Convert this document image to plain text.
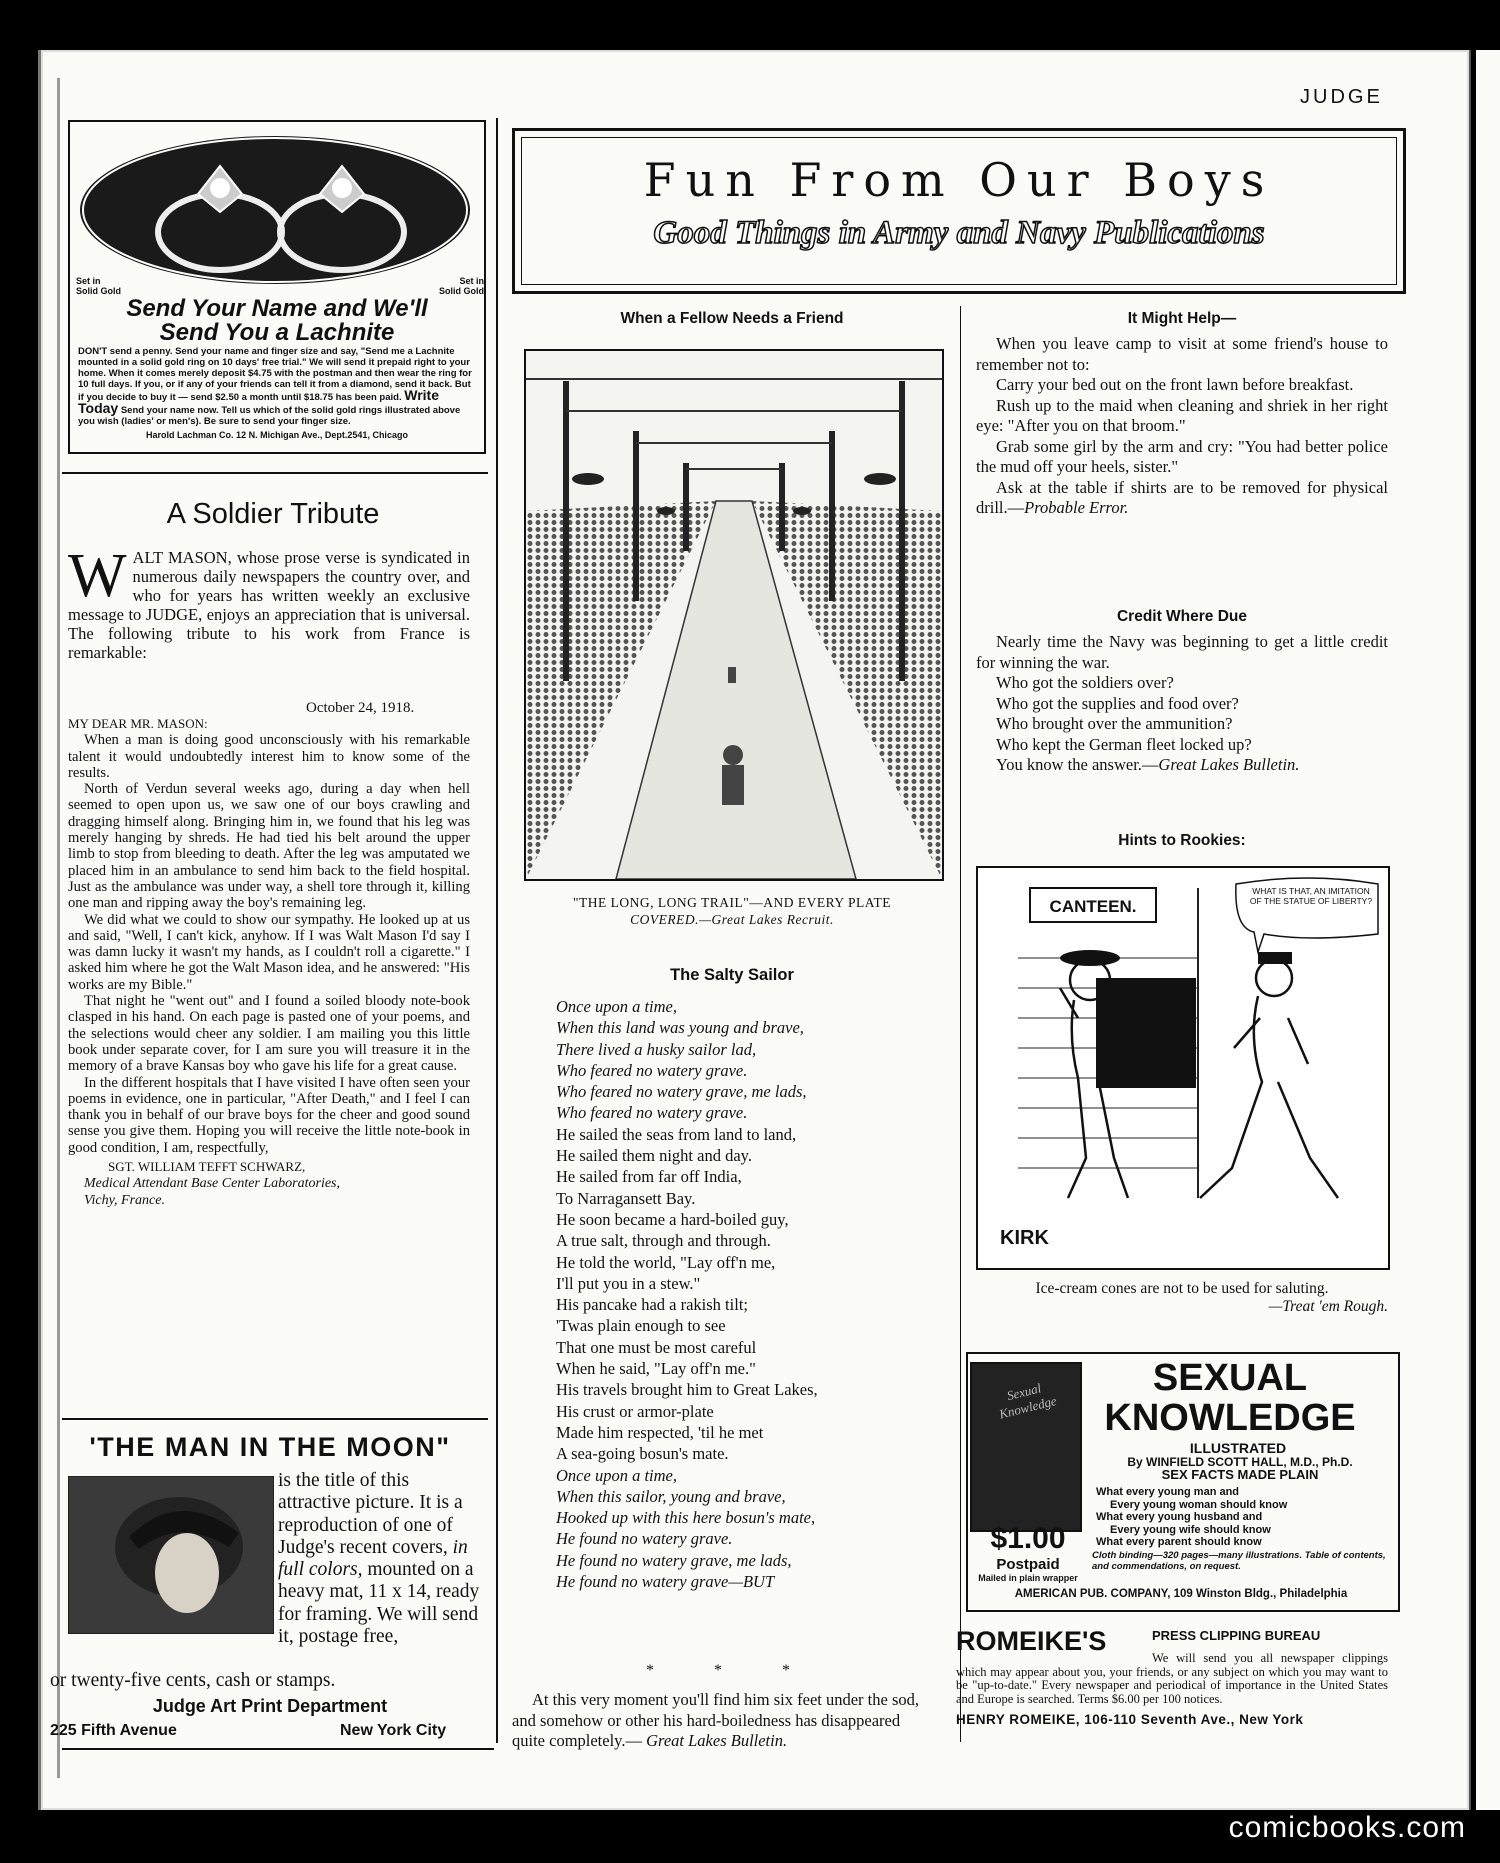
JUDGE
Set in Solid Gold
Set in Solid Gold
Send Your Name and We'll
Send You a Lachnite
DON'T send a penny. Send your name and finger size and say, "Send me a Lachnite mounted in a solid gold ring on 10 days' free trial." We will send it prepaid right to your home. When it comes merely deposit $4.75 with the postman and then wear the ring for 10 full days. If you, or if any of your friends can tell it from a diamond, send it back. But if you decide to buy it — send $2.50 a month until $18.75 has been paid. Write Today Send your name now. Tell us which of the solid gold rings illustrated above you wish (ladies' or men's). Be sure to send your finger size.
Harold Lachman Co. 12 N. Michigan Ave., Dept.2541, Chicago
A Soldier Tribute
W ALT MASON, whose prose verse is syndicated in numerous daily newspapers the country over, and who for years has written weekly an exclusive message to JUDGE, enjoys an appreciation that is universal. The following tribute to his work from France is remarkable:
October 24, 1918.

MY DEAR MR. MASON:

When a man is doing good unconsciously with his remarkable talent it would undoubtedly interest him to know some of the results.

North of Verdun several weeks ago, during a day when hell seemed to open upon us, we saw one of our boys crawling and dragging himself along. Bringing him in, we found that his leg was merely hanging by shreds. He had tied his belt around the upper limb to stop from bleeding to death. After the leg was amputated we placed him in an ambulance to send him back to the field hospital. Just as the ambulance was under way, a shell tore through it, killing one man and ripping away the boy's remaining leg.

We did what we could to show our sympathy. He looked up at us and said, "Well, I can't kick, anyhow. If I was Walt Mason I'd say I was damn lucky it wasn't my hands, as I couldn't roll a cigarette." I asked him where he got the Walt Mason idea, and he answered: "His works are my Bible."

That night he "went out" and I found a soiled bloody note-book clasped in his hand. On each page is pasted one of your poems, and the selections would cheer any soldier. I am mailing you this little book under separate cover, for I am sure you will treasure it in the memory of a brave Kansas boy who gave his life for a great cause.

In the different hospitals that I have visited I have often seen your poems in evidence, one in particular, "After Death," and I feel I can thank you in behalf of our brave boys for the cheer and good sound sense you give them. Hoping you will receive the little note-book in good condition, I am, respectfully,

SGT. WILLIAM TEFFT SCHWARZ,

Medical Attendant Base Center Laboratories,

Vichy, France.

'THE MAN IN THE MOON"
is the title of this attractive picture. It is a reproduction of one of Judge's recent covers, in full colors, mounted on a heavy mat, 11 x 14, ready for framing. We will send it, postage free,
or twenty-five cents, cash or stamps.
Judge Art Print Department
225 Fifth Avenue	New York City
Fun From Our Boys
Good Things in Army and Navy Publications
When a Fellow Needs a Friend
"THE LONG, LONG TRAIL"—AND EVERY PLATE
COVERED.—Great Lakes Recruit.
The Salty Sailor
Once upon a time,
When this land was young and brave,
There lived a husky sailor lad,
Who feared no watery grave.
Who feared no watery grave, me lads,
Who feared no watery grave.
He sailed the seas from land to land,
He sailed them night and day.
He sailed from far off India,
To Narragansett Bay.
He soon became a hard-boiled guy,
A true salt, through and through.
He told the world, "Lay off'n me,
I'll put you in a stew."
His pancake had a rakish tilt;
'Twas plain enough to see
That one must be most careful
When he said, "Lay off'n me."
His travels brought him to Great Lakes,
His crust or armor-plate
Made him respected, 'til he met
A sea-going bosun's mate.
Once upon a time,
When this sailor, young and brave,
Hooked up with this here bosun's mate,
He found no watery grave.
He found no watery grave, me lads,
He found no watery grave—BUT
* * *
At this very moment you'll find him six feet under the sod, and somehow or other his hard-boiledness has disappeared quite completely.— Great Lakes Bulletin.
It Might Help—

When you leave camp to visit at some friend's house to remember not to:

Carry your bed out on the front lawn before breakfast.

Rush up to the maid when cleaning and shriek in her right eye: "After you on that broom."

Grab some girl by the arm and cry: "You had better police the mud off your heels, sister."

Ask at the table if shirts are to be removed for physical drill.—Probable Error.

Credit Where Due

Nearly time the Navy was beginning to get a little credit for winning the war.

Who got the soldiers over?

Who got the supplies and food over?

Who brought over the ammunition?

Who kept the German fleet locked up?

You know the answer.—Great Lakes Bulletin.

Hints to Rookies:
CANTEEN.
KIRK
WHAT IS THAT, AN IMITATION OF THE STATUE OF LIBERTY?
Ice-cream cones are not to be used for saluting.
—Treat 'em Rough.
Sexual Knowledge
SEXUAL
KNOWLEDGE
ILLUSTRATED
By WINFIELD SCOTT HALL, M.D., Ph.D.
SEX FACTS MADE PLAIN
What every young man and
Every young woman should know
What every young husband and
Every young wife should know
What every parent should know
Cloth binding—320 pages—many illustrations. Table of contents, and commendations, on request.
$1.00
Postpaid
Mailed in plain wrapper
AMERICAN PUB. COMPANY, 109 Winston Bldg., Philadelphia
ROMEIKE'S	PRESS CLIPPING BUREAU
We will send you all newspaper clippings which may appear about you, your friends, or any subject on which you may want to be "up-to-date." Every newspaper and periodical of importance in the United States and Europe is searched. Terms $6.00 per 100 notices.
HENRY ROMEIKE, 106-110 Seventh Ave., New York
comicbooks.com
